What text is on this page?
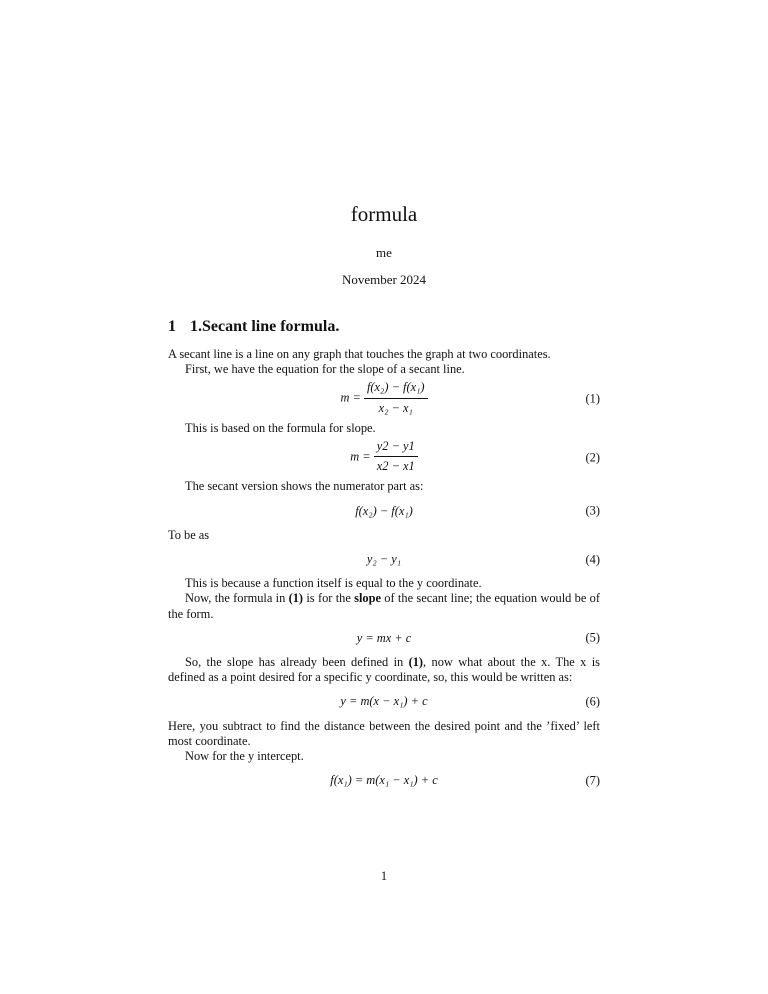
formula
me
November 2024
1 1.Secant line formula.

A secant line is a line on any graph that touches the graph at two coordinates.

First, we have the equation for the slope of a secant line.

$m = \frac{\text{f(x₂) − f(x₁)}}{\text{x₂ − x₁}}$	(1)

This is based on the formula for slope.

$m = \frac{y2 - y1}{x2 - x1}$	(2)

The secant version shows the numerator part as:

f(x₂) − f(x₁)	(3)

To be as

y₂ − y₁	(4)

This is because a function itself is equal to the y coordinate.

Now, the formula in (1) is for the slope of the secant line; the equation would be of the form.

y = mx + c	(5)

So, the slope has already been defined in (1), now what about the x. The x is defined as a point desired for a specific y coordinate, so, this would be written as:

y = m(x − x₁) + c	(6)

Here, you subtract to find the distance between the desired point and the ’fixed’ left most coordinate.

Now for the y intercept.

f(x₁) = m(x₁ − x₁) + c	(7)
1
